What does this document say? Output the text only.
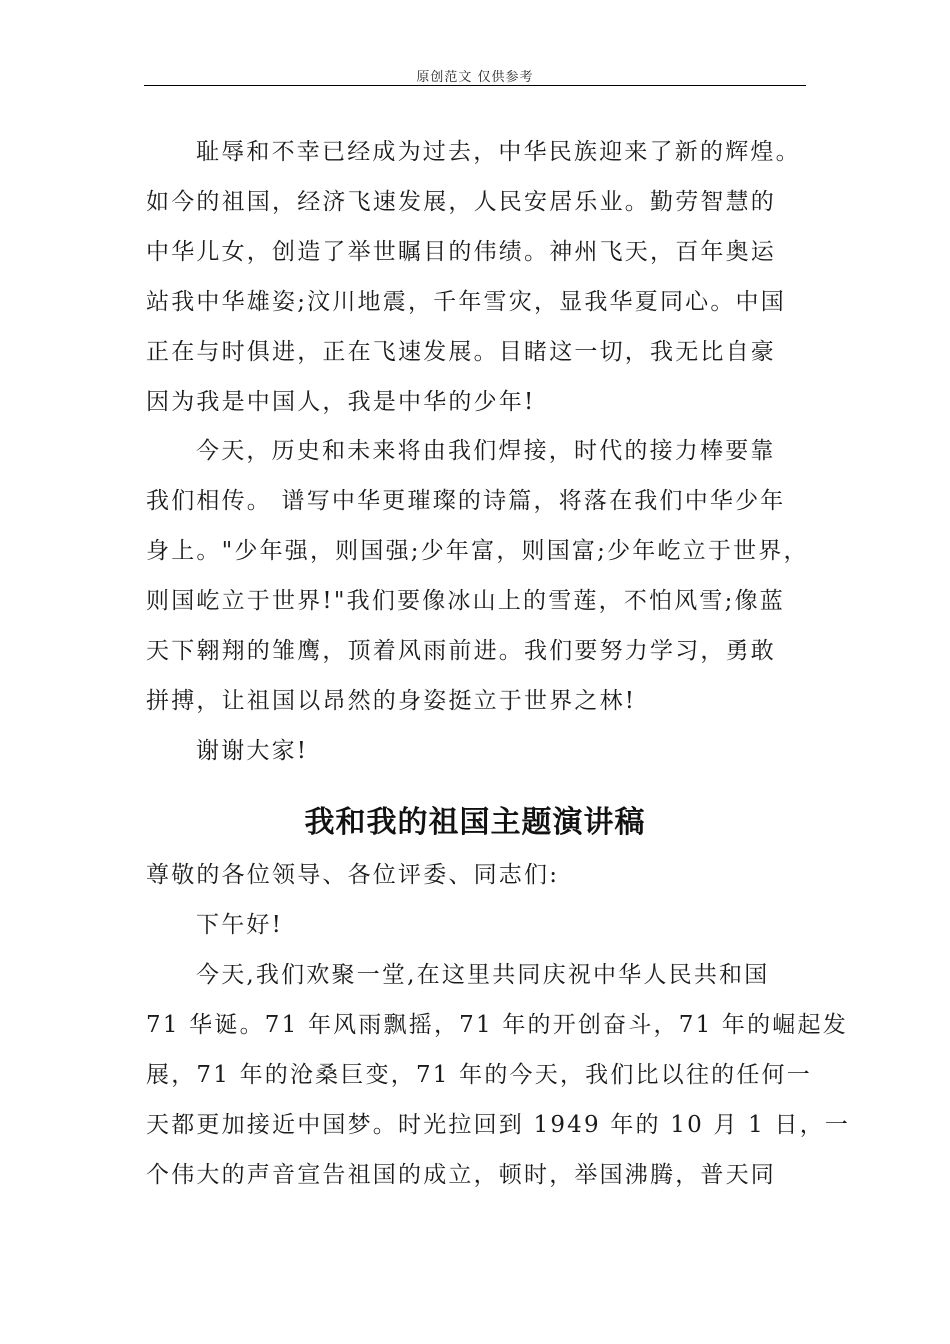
原创范文 仅供参考
耻辱和不幸已经成为过去，中华民族迎来了新的辉煌。
如今的祖国，经济飞速发展，人民安居乐业。勤劳智慧的
中华儿女，创造了举世瞩目的伟绩。神州飞天，百年奥运
站我中华雄姿;汶川地震，千年雪灾，显我华夏同心。中国
正在与时俱进，正在飞速发展。目睹这一切，我无比自豪
因为我是中国人，我是中华的少年!
今天，历史和未来将由我们焊接，时代的接力棒要靠
我们相传。 谱写中华更璀璨的诗篇，将落在我们中华少年
身上。"少年强，则国强;少年富，则国富;少年屹立于世界，
则国屹立于世界!"我们要像冰山上的雪莲，不怕风雪;像蓝
天下翱翔的雏鹰，顶着风雨前进。我们要努力学习，勇敢
拼搏，让祖国以昂然的身姿挺立于世界之林!
谢谢大家!
我和我的祖国主题演讲稿
尊敬的各位领导、各位评委、同志们:
下午好!
今天,我们欢聚一堂,在这里共同庆祝中华人民共和国
71 华诞。71 年风雨飘摇，71 年的开创奋斗，71 年的崛起发
展，71 年的沧桑巨变，71 年的今天，我们比以往的任何一
天都更加接近中国梦。时光拉回到 1949 年的 10 月 1 日，一
个伟大的声音宣告祖国的成立，顿时，举国沸腾，普天同
